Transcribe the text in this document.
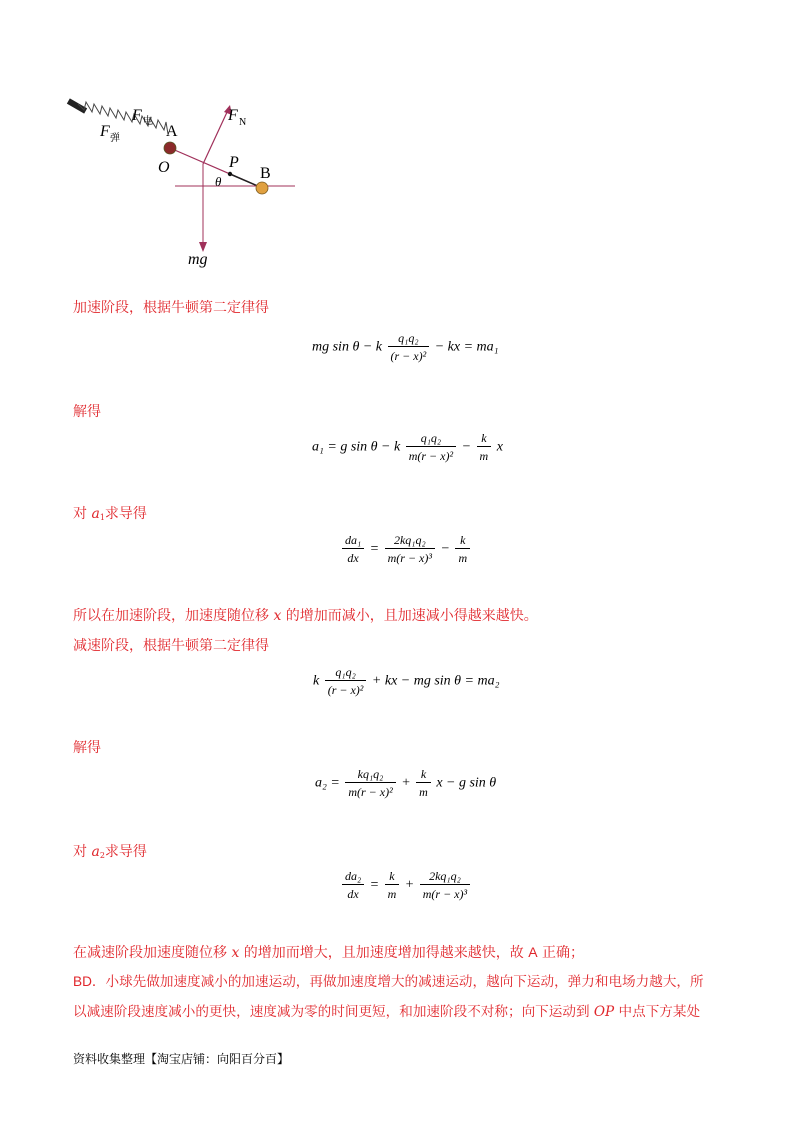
F 电
F 弹	A
O
F N
P
θ B
mg
加速阶段，根据牛顿第二定律得
mg sin θ − k $\frac{\text{q₁q₂}}{\text{(r − x)²}}$ − kx = ma₁
解得
a₁ = g sin θ − k $\frac{\text{q₁q₂}}{\text{m(r − x)²}} - \frac{k}{m}$ x
对 $a_1$求导得
$\frac{\text{da₁}}{dx} = \frac{\text{2kq₁q₂}}{\text{m(r − x)³}} - \frac{k}{m}$
所以在加速阶段，加速度随位移 x 的增加而减小，且加速减小得越来越快。
减速阶段，根据牛顿第二定律得
k $\frac{\text{q₁q₂}}{\text{(r − x)²}}$ + kx − mg sin θ = ma₂
解得
$a_2 = \frac{\text{kq₁q₂}}{\text{m(r − x)²}} + \frac{k}{m}$ x − g sin θ
对 $a_2$求导得
$\frac{\text{da₂}}{dx} = \frac{k}{m} + \frac{\text{2kq₁q₂}}{\text{m(r − x)³}}$
在减速阶段加速度随位移 x 的增加而增大，且加速度增加得越来越快，故 A 正确；
BD．小球先做加速度减小的加速运动，再做加速度增大的减速运动，越向下运动，弹力和电场力越大，所
以减速阶段速度减小的更快，速度减为零的时间更短，和加速阶段不对称；向下运动到 OP 中点下方某处
资料收集整理【淘宝店铺：向阳百分百】
